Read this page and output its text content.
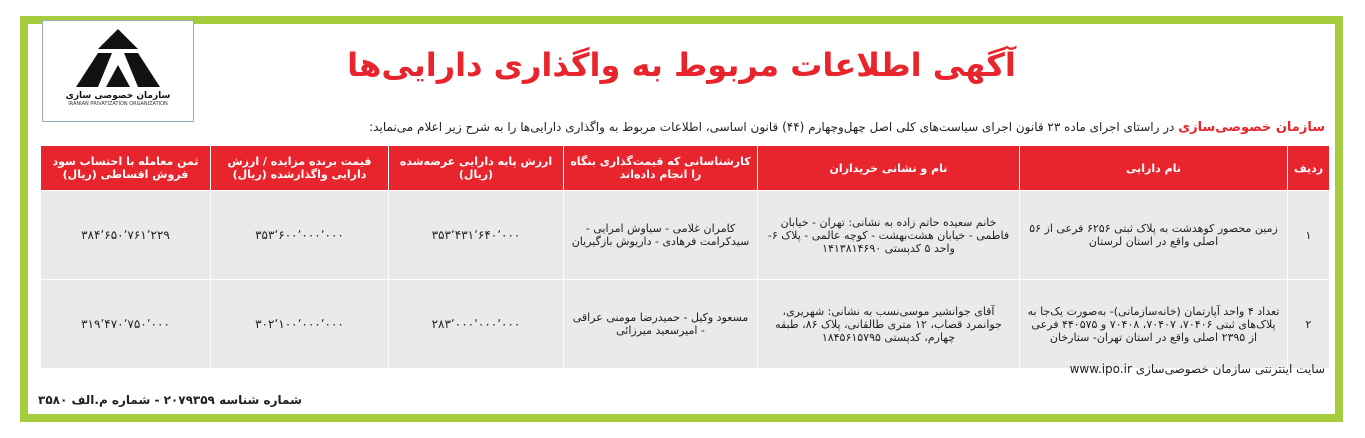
سازمان خصوصی سازی
IRANIAN PRIVATIZATION ORGANIZATION
آگهی اطلاعات مربوط به واگذاری دارایی‌ها
سازمان خصوصی‌سازی در راستای اجرای ماده ۲۳ قانون اجرای سیاست‌های کلی اصل چهل‌وچهارم (۴۴) قانون اساسی، اطلاعات مربوط به واگذاری دارایی‌ها را به شرح زیر اعلام می‌نماید:
ردیف	نام دارایی	نام و نشانی خریداران	کارشناسانی که قیمت‌گذاری بنگاه را انجام داده‌اند	ارزش پایه دارایی عرضه‌شده (ریال)	قیمت برنده مزایده / ارزش دارایی واگذارشده (ریال)	ثمن معامله با احتساب سود فروش اقساطی (ریال)
۱	زمین محصور کوهدشت به پلاک ثبتی ۶۲۵۶ فرعی از ۵۶ اصلی واقع در استان لرستان	خانم سعیده حاتم زاده به نشانی: تهران - خیابان فاطمی - خیابان هشت‌بهشت - کوچه عالمی - پلاک ۶- واحد ۵ کدپستی ۱۴۱۳۸۱۴۶۹۰	کامران غلامی - سیاوش امرایی - سیدکرامت فرهادی - داریوش بازگیریان	۳۵۳٬۴۳۱٬۶۴۰٬۰۰۰	۳۵۳٬۶۰۰٬۰۰۰٬۰۰۰	۳۸۴٬۶۵۰٬۷۶۱٬۲۲۹
۲	تعداد ۴ واحد آپارتمان (خانه‌سازمانی)- به‌صورت یک‌جا به پلاک‌های ثبتی ۷۰۴۰۶، ۷۰۴۰۷، ۷۰۴۰۸ و ۴۴۰۵۷۵ فرعی از ۲۳۹۵ اصلی واقع در استان تهران- ستارخان	آقای جوانشیر موسی‌نسب به نشانی: شهریری، جوانمرد قصاب، ۱۲ متری طالقانی، پلاک ۸۶، طبقه چهارم، کدپستی ۱۸۴۵۶۱۵۷۹۵	مسعود وکیل - حمیدرضا مومنی عراقی - امیرسعید میرزائی	۲۸۳٬۰۰۰٬۰۰۰٬۰۰۰	۳۰۲٬۱۰۰٬۰۰۰٬۰۰۰	۳۱۹٬۴۷۰٬۷۵۰٬۰۰۰
سایت اینترنتی سازمان خصوصی‌سازی www.ipo.ir
شماره شناسه ۲۰۷۹۳۵۹ - شماره م.الف ۳۵۸۰
